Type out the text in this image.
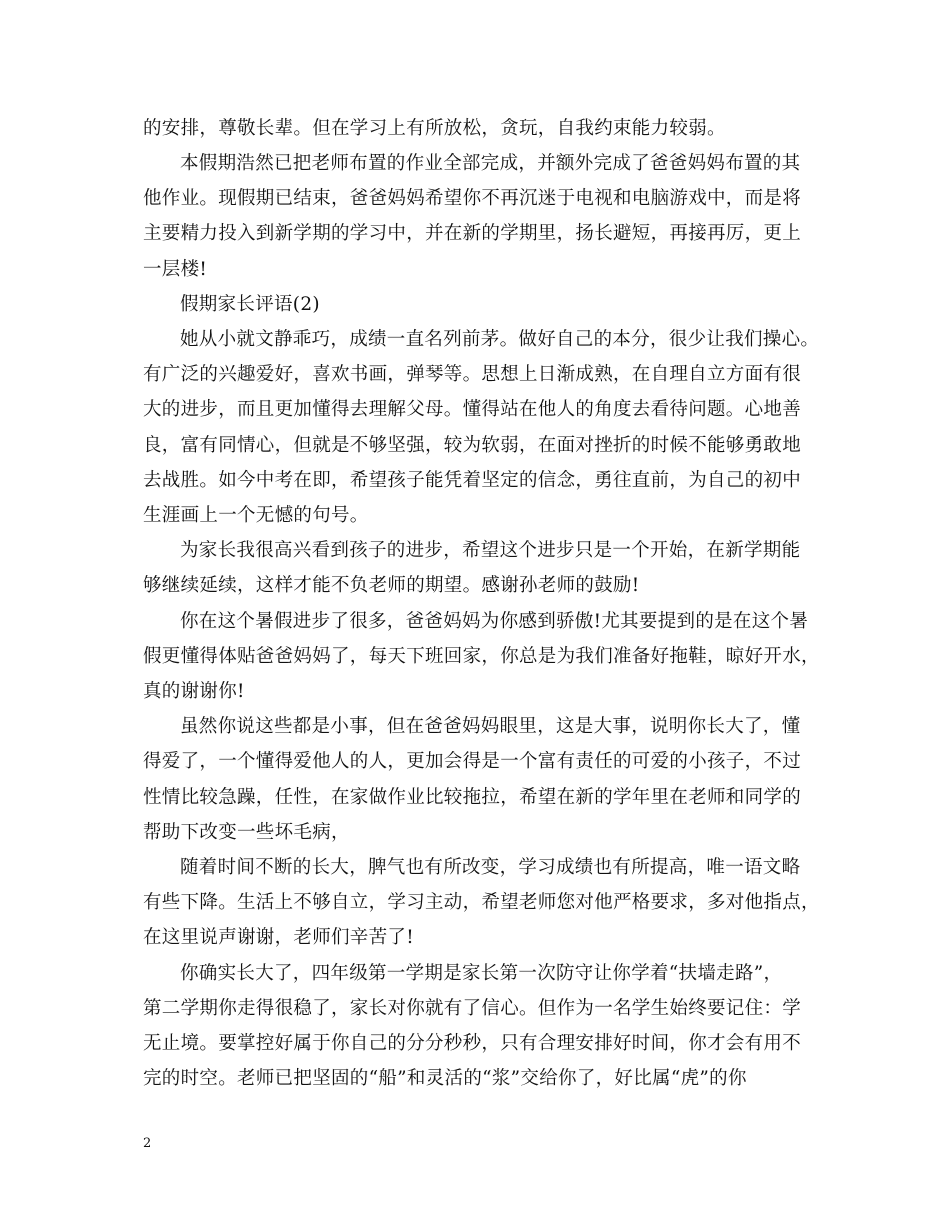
的安排，尊敬长辈。但在学习上有所放松，贪玩，自我约束能力较弱。
本假期浩然已把老师布置的作业全部完成，并额外完成了爸爸妈妈布置的其
他作业。现假期已结束，爸爸妈妈希望你不再沉迷于电视和电脑游戏中，而是将
主要精力投入到新学期的学习中，并在新的学期里，扬长避短，再接再厉，更上
一层楼!
假期家长评语(2)
她从小就文静乖巧，成绩一直名列前茅。做好自己的本分，很少让我们操心。
有广泛的兴趣爱好，喜欢书画，弹琴等。思想上日渐成熟，在自理自立方面有很
大的进步，而且更加懂得去理解父母。懂得站在他人的角度去看待问题。心地善
良，富有同情心，但就是不够坚强，较为软弱，在面对挫折的时候不能够勇敢地
去战胜。如今中考在即，希望孩子能凭着坚定的信念，勇往直前，为自己的初中
生涯画上一个无憾的句号。
为家长我很高兴看到孩子的进步，希望这个进步只是一个开始，在新学期能
够继续延续，这样才能不负老师的期望。感谢孙老师的鼓励!
你在这个暑假进步了很多，爸爸妈妈为你感到骄傲!尤其要提到的是在这个暑
假更懂得体贴爸爸妈妈了，每天下班回家，你总是为我们准备好拖鞋，晾好开水，
真的谢谢你!
虽然你说这些都是小事，但在爸爸妈妈眼里，这是大事，说明你长大了，懂
得爱了，一个懂得爱他人的人，更加会得是一个富有责任的可爱的小孩子，不过
性情比较急躁，任性，在家做作业比较拖拉，希望在新的学年里在老师和同学的
帮助下改变一些坏毛病，
随着时间不断的长大，脾气也有所改变，学习成绩也有所提高，唯一语文略
有些下降。生活上不够自立，学习主动，希望老师您对他严格要求，多对他指点，
在这里说声谢谢，老师们辛苦了!
你确实长大了，四年级第一学期是家长第一次防守让你学着“扶墙走路”，
第二学期你走得很稳了，家长对你就有了信心。但作为一名学生始终要记住：学
无止境。要掌控好属于你自己的分分秒秒，只有合理安排好时间，你才会有用不
完的时空。老师已把坚固的“船”和灵活的“浆”交给你了，好比属“虎”的你
2
